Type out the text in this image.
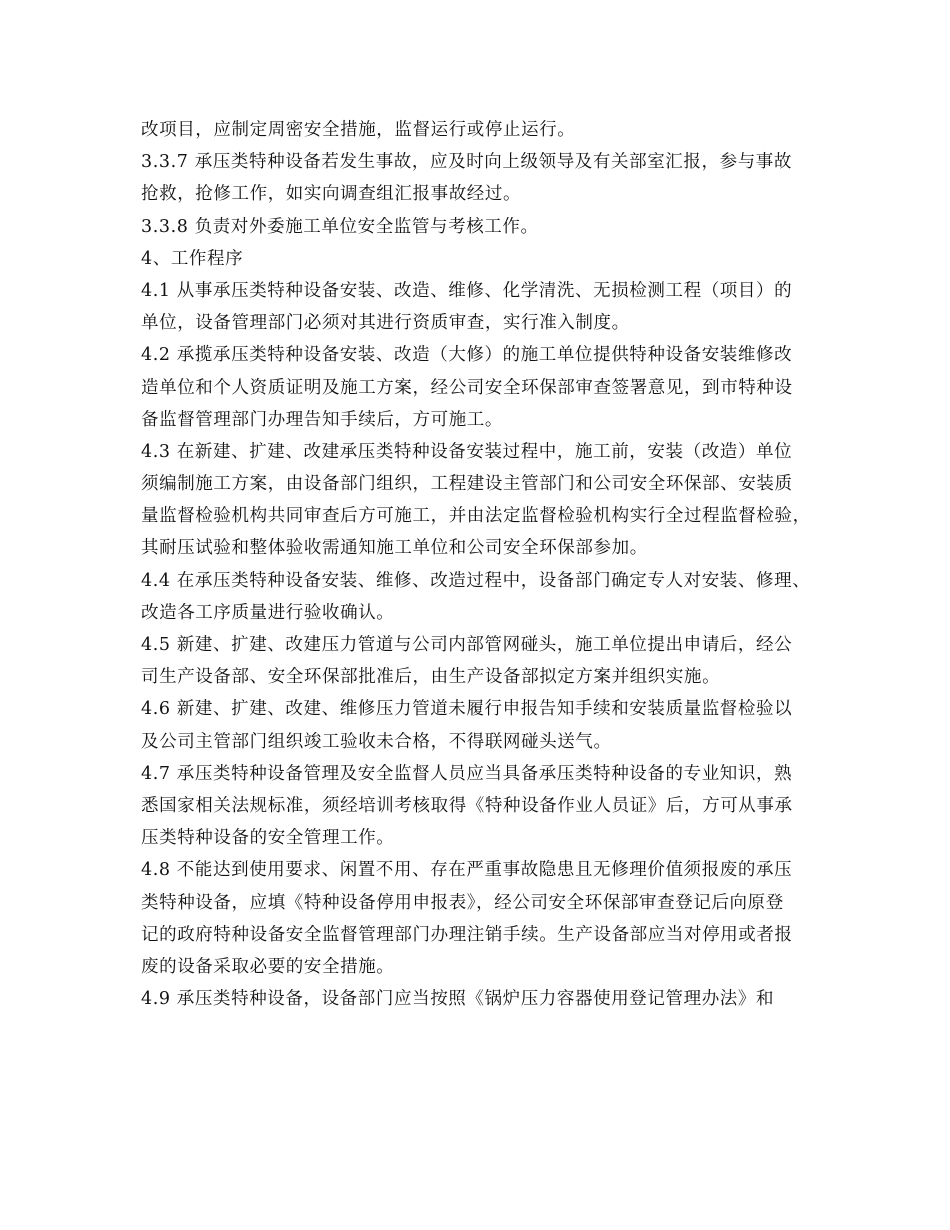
改项目，应制定周密安全措施，监督运行或停止运行。
3.3.7 承压类特种设备若发生事故，应及时向上级领导及有关部室汇报，参与事故
抢救，抢修工作，如实向调查组汇报事故经过。
3.3.8 负责对外委施工单位安全监管与考核工作。
4、工作程序
4.1 从事承压类特种设备安装、改造、维修、化学清洗、无损检测工程（项目）的
单位，设备管理部门必须对其进行资质审查，实行准入制度。
4.2 承揽承压类特种设备安装、改造（大修）的施工单位提供特种设备安装维修改
造单位和个人资质证明及施工方案，经公司安全环保部审查签署意见，到市特种设
备监督管理部门办理告知手续后，方可施工。
4.3 在新建、扩建、改建承压类特种设备安装过程中，施工前，安装（改造）单位
须编制施工方案，由设备部门组织，工程建设主管部门和公司安全环保部、安装质
量监督检验机构共同审查后方可施工，并由法定监督检验机构实行全过程监督检验，
其耐压试验和整体验收需通知施工单位和公司安全环保部参加。
4.4 在承压类特种设备安装、维修、改造过程中，设备部门确定专人对安装、修理、
改造各工序质量进行验收确认。
4.5 新建、扩建、改建压力管道与公司内部管网碰头，施工单位提出申请后，经公
司生产设备部、安全环保部批准后，由生产设备部拟定方案并组织实施。
4.6 新建、扩建、改建、维修压力管道未履行申报告知手续和安装质量监督检验以
及公司主管部门组织竣工验收未合格，不得联网碰头送气。
4.7 承压类特种设备管理及安全监督人员应当具备承压类特种设备的专业知识，熟
悉国家相关法规标准，须经培训考核取得《特种设备作业人员证》后，方可从事承
压类特种设备的安全管理工作。
4.8 不能达到使用要求、闲置不用、存在严重事故隐患且无修理价值须报废的承压
类特种设备，应填《特种设备停用申报表》，经公司安全环保部审查登记后向原登
记的政府特种设备安全监督管理部门办理注销手续。生产设备部应当对停用或者报
废的设备采取必要的安全措施。
4.9 承压类特种设备，设备部门应当按照《锅炉压力容器使用登记管理办法》和
